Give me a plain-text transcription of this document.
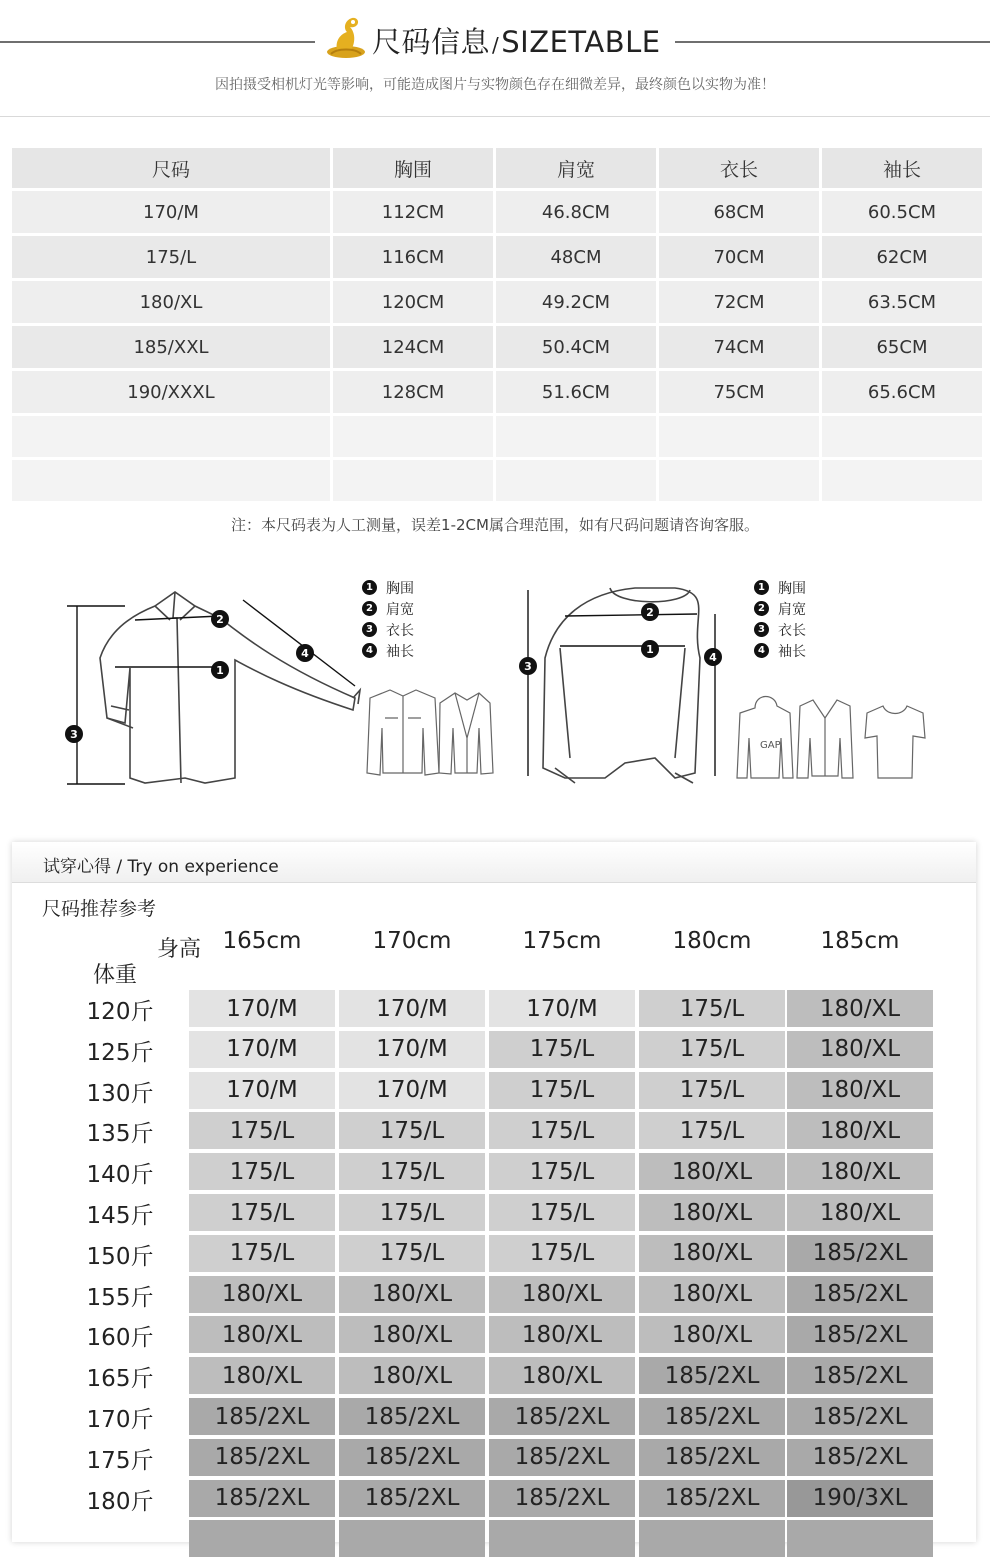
尺码信息 /SIZETABLE
因拍摄受相机灯光等影响，可能造成图片与实物颜色存在细微差异，最终颜色以实物为准！
尺码	胸围	肩宽	衣长	袖长
170/M	112CM	46.8CM	68CM	60.5CM
175/L	116CM	48CM	70CM	62CM
180/XL	120CM	49.2CM	72CM	63.5CM
185/XXL	124CM	50.4CM	74CM	65CM
190/XXXL	128CM	51.6CM	75CM	65.6CM

注：本尺码表为人工测量，误差1-2CM属合理范围，如有尺码问题请咨询客服。
1
2
3
4
1 胸围
2 肩宽
3 衣长
4 袖长	1
2
3
4
GAP
1 胸围
2 肩宽
3 衣长
4 袖长
试穿心得 / Try on experience
尺码推荐参考
身高
体重
165cm	170cm	175cm	180cm	185cm
120斤	170/M	170/M	170/M	175/L	180/XL
125斤	170/M	170/M	175/L	175/L	180/XL
130斤	170/M	170/M	175/L	175/L	180/XL
135斤	175/L	175/L	175/L	175/L	180/XL
140斤	175/L	175/L	175/L	180/XL	180/XL
145斤	175/L	175/L	175/L	180/XL	180/XL
150斤	175/L	175/L	175/L	180/XL	185/2XL
155斤	180/XL	180/XL	180/XL	180/XL	185/2XL
160斤	180/XL	180/XL	180/XL	180/XL	185/2XL
165斤	180/XL	180/XL	180/XL	185/2XL	185/2XL
170斤	185/2XL	185/2XL	185/2XL	185/2XL	185/2XL
175斤	185/2XL	185/2XL	185/2XL	185/2XL	185/2XL
180斤	185/2XL	185/2XL	185/2XL	185/2XL	190/3XL
